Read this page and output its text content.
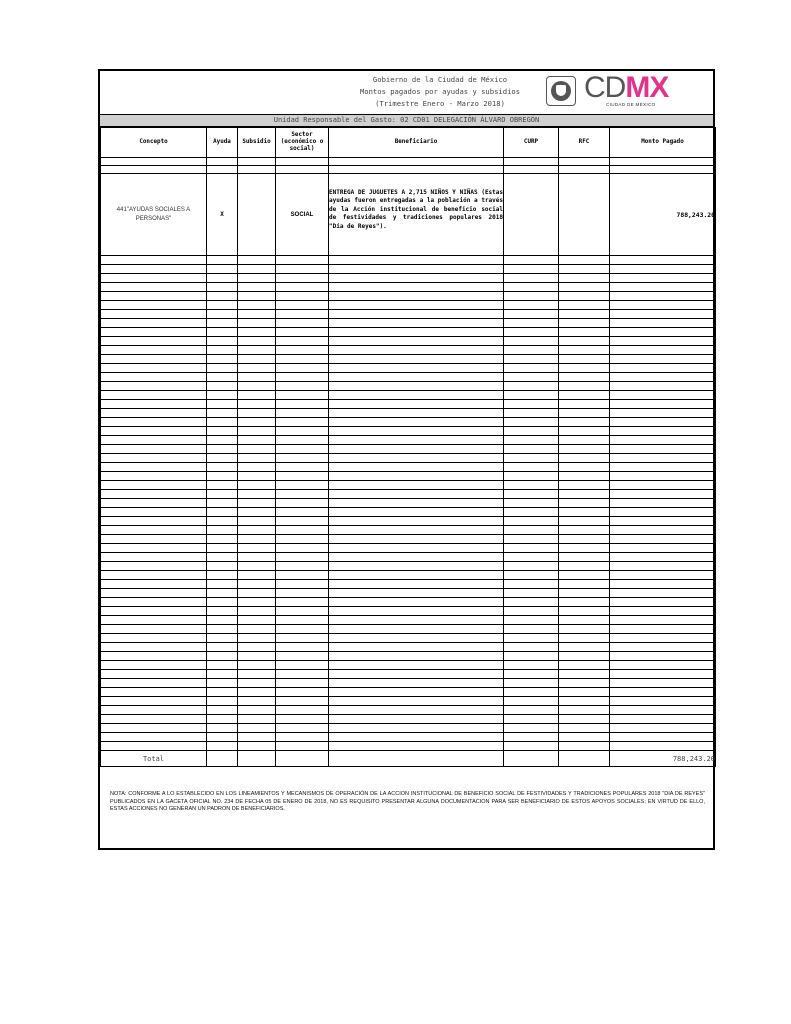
Gobierno de la Ciudad de México
Montos pagados por ayudas y subsidios
(Trimestre Enero - Marzo 2018)	CDMX
CIUDAD DE MÉXICO
Unidad Responsable del Gasto: 02 CD01 DELEGACIÓN ÁLVARO OBREGÓN
Concepto	Ayuda	Subsidio	Sector (económico o social)	Beneficiario	CURP	RFC	Monto Pagado

441"AYUDAS SOCIALES A PERSONAS"	X		SOCIAL	ENTREGA DE JUGUETES A 2,715 NIÑOS Y NIÑAS (Estas ayudas fueron entregadas a la población a través de la Acción institucional de beneficio social de festividades y tradiciones populares 2018 "Día de Reyes").			788,243.20

Total							788,243.20
NOTA: CONFORME A LO ESTABLECIDO EN LOS LINEAMIENTOS Y MECANISMOS DE OPERACIÓN DE LA ACCION INSTITUCIONAL DE BENEFICIO SOCIAL DE FESTIVIDADES Y TRADICIONES POPULARES 2018 "DIA DE REYES" PUBLICADOS EN LA GACETA OFICIAL NO. 234 DE FECHA 05 DE ENERO DE 2018, NO ES REQUISITO PRESENTAR ALGUNA DOCUMENTACION PARA SER BENEFICIARIO DE ESTOS APOYOS SOCIALES; EN VIRTUD DE ELLO, ESTAS ACCIONES NO GENERAN UN PADRON DE BENEFICIARIOS.
